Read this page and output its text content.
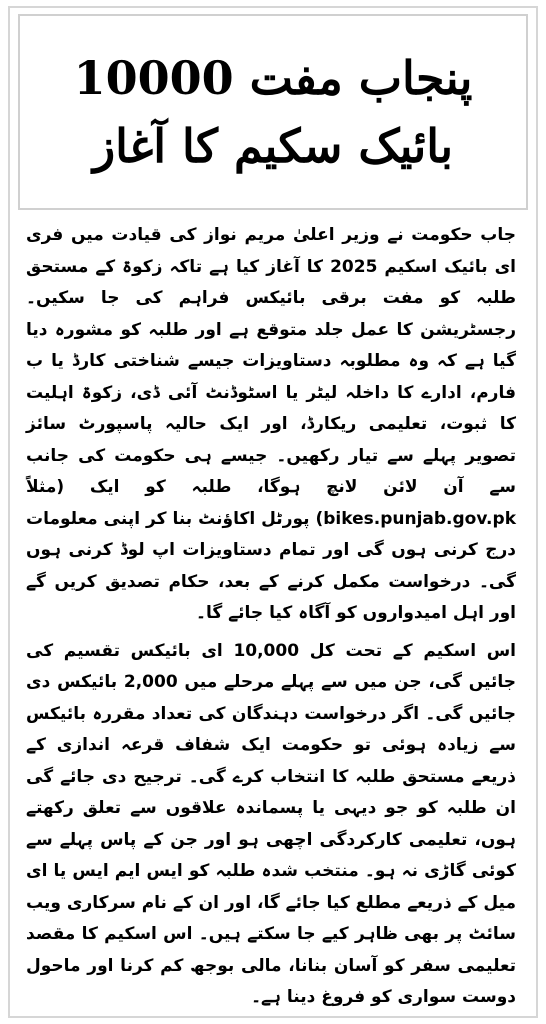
پنجاب مفت 10000
بائیک سکیم کا آغاز

جاب حکومت نے وزیر اعلیٰ مریم نواز کی قیادت میں فری ای بائیک اسکیم 2025 کا آغاز کیا ہے تاکہ زکوۃ کے مستحق طلبہ کو مفت برقی بائیکس فراہم کی جا سکیں۔ رجسٹریشن کا عمل جلد متوقع ہے اور طلبہ کو مشورہ دیا گیا ہے کہ وہ مطلوبہ دستاویزات جیسے شناختی کارڈ یا ب فارم، ادارے کا داخلہ لیٹر یا اسٹوڈنٹ آئی ڈی، زکوۃ اہلیت کا ثبوت، تعلیمی ریکارڈ، اور ایک حالیہ پاسپورٹ سائز تصویر پہلے سے تیار رکھیں۔ جیسے ہی حکومت کی جانب سے آن لائن لانچ ہوگا، طلبہ کو ایک (مثلاً bikes.punjab.gov.pk) پورٹل اکاؤنٹ بنا کر اپنی معلومات درج کرنی ہوں گی اور تمام دستاویزات اپ لوڈ کرنی ہوں گی۔ درخواست مکمل کرنے کے بعد، حکام تصدیق کریں گے اور اہل امیدواروں کو آگاہ کیا جائے گا۔

اس اسکیم کے تحت کل 10,000 ای بائیکس تقسیم کی جائیں گی، جن میں سے پہلے مرحلے میں 2,000 بائیکس دی جائیں گی۔ اگر درخواست دہندگان کی تعداد مقررہ بائیکس سے زیادہ ہوئی تو حکومت ایک شفاف قرعہ اندازی کے ذریعے مستحق طلبہ کا انتخاب کرے گی۔ ترجیح دی جائے گی ان طلبہ کو جو دیہی یا پسماندہ علاقوں سے تعلق رکھتے ہوں، تعلیمی کارکردگی اچھی ہو اور جن کے پاس پہلے سے کوئی گاڑی نہ ہو۔ منتخب شدہ طلبہ کو ایس ایم ایس یا ای میل کے ذریعے مطلع کیا جائے گا، اور ان کے نام سرکاری ویب سائٹ پر بھی ظاہر کیے جا سکتے ہیں۔ اس اسکیم کا مقصد تعلیمی سفر کو آسان بنانا، مالی بوجھ کم کرنا اور ماحول دوست سواری کو فروغ دینا ہے۔
